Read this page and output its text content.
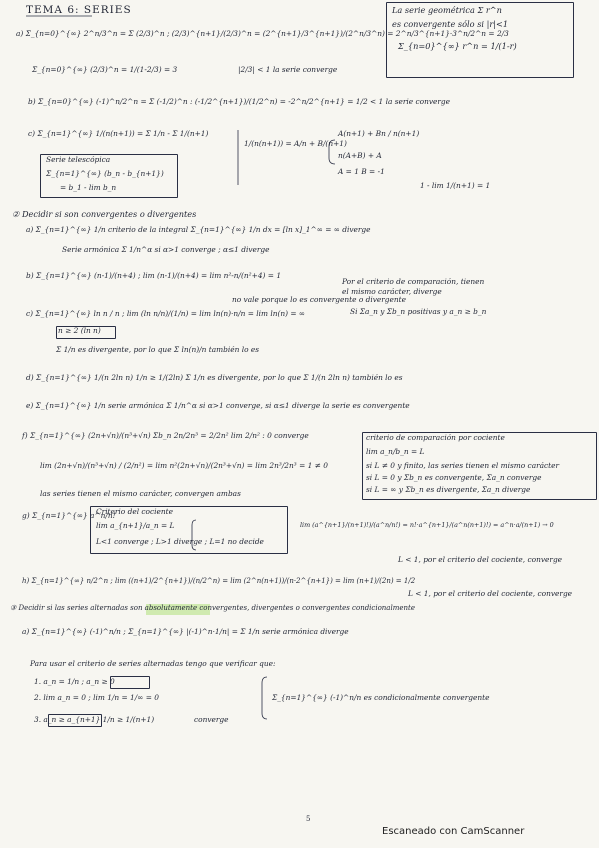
TEMA 6: SERIES	La serie geométrica Σ r^n
es convergente sólo si |r|<1
Σ_{n=0}^{∞} r^n = 1/(1-r)
a) Σ_{n=0}^{∞} 2^n/3^n = Σ (2/3)^n ; (2/3)^{n+1}/(2/3)^n = (2^{n+1}/3^{n+1})/(2^n/3^n) = 2^n/3^{n+1}·3^n/2^n = 2/3
Σ_{n=0}^{∞} (2/3)^n = 1/(1-2/3) = 3	|2/3| < 1 la serie converge
b) Σ_{n=0}^{∞} (-1)^n/2^n = Σ (-1/2)^n : (-1/2^{n+1})/(1/2^n) = -2^n/2^{n+1} = 1/2 < 1 la serie converge
c) Σ_{n=1}^{∞} 1/(n(n+1)) = Σ 1/n - Σ 1/(n+1)
1/(n(n+1)) = A/n + B/(n+1)
A(n+1) + Bn / n(n+1)
n(A+B) + A
A = 1 B = -1
1 - lim 1/(n+1) = 1
Serie telescópica
Σ_{n=1}^{∞} (b_n - b_{n+1})
= b_1 - lim b_n
② Decidir si son convergentes o divergentes
a) Σ_{n=1}^{∞} 1/n criterio de la integral Σ_{n=1}^{∞} 1/n dx = [ln x]_1^∞ = ∞ diverge
Serie armónica Σ 1/n^α si α>1 converge ; α≤1 diverge
b) Σ_{n=1}^{∞} (n-1)/(n+4) ; lim (n-1)/(n+4) = lim n²-n/(n²+4) = 1
Por el criterio de comparación, tienen
el mismo carácter, diverge
no vale porque lo es convergente o divergente
c) Σ_{n=1}^{∞} ln n / n ; lim (ln n/n)/(1/n) = lim ln(n)·n/n = lim ln(n) = ∞	Si Σa_n y Σb_n positivas y a_n ≥ b_n
n ≥ 2 (ln n)
Σ 1/n es divergente, por lo que Σ ln(n)/n también lo es
d) Σ_{n=1}^{∞} 1/(n 2ln n) 1/n ≥ 1/(2ln) Σ 1/n es divergente, por lo que Σ 1/(n 2ln n) también lo es
e) Σ_{n=1}^{∞} 1/n serie armónica Σ 1/n^α si α>1 converge, si α≤1 diverge la serie es convergente
f) Σ_{n=1}^{∞} (2n+√n)/(n³+√n) Σb_n 2n/2n³ = 2/2n² lim 2/n² : 0 converge
lim (2n+√n)/(n³+√n) / (2/n²) = lim n²(2n+√n)/(2n³+√n) = lim 2n³/2n³ = 1 ≠ 0
las series tienen el mismo carácter, convergen ambas
criterio de comparación por cociente
lim a_n/b_n = L
si L ≠ 0 y finito, las series tienen el mismo carácter
si L = 0 y Σb_n es convergente, Σa_n converge
si L = ∞ y Σb_n es divergente, Σa_n diverge
g) Σ_{n=1}^{∞} a^n/n!
Criterio del cociente
lim a_{n+1}/a_n = L
L<1 converge ; L>1 diverge ; L=1 no decide
lim (a^{n+1}/(n+1)!)/(a^n/n!) = n!·a^{n+1}/(a^n(n+1)!) = a^n·a/(n+1) → 0
L < 1, por el criterio del cociente, converge
h) Σ_{n=1}^{∞} n/2^n ; lim ((n+1)/2^{n+1})/(n/2^n) = lim (2^n(n+1))/(n·2^{n+1}) = lim (n+1)/(2n) = 1/2
L < 1, por el criterio del cociente, converge
③ Decidir si las series alternadas son absolutamente convergentes, divergentes o convergentes condicionalmente
a) Σ_{n=1}^{∞} (-1)^n/n ; Σ_{n=1}^{∞} |(-1)^n·1/n| = Σ 1/n serie armónica diverge
Para usar el criterio de series alternadas tengo que verificar que:
1. a_n = 1/n ; a_n ≥ 0
2. lim a_n = 0 ; lim 1/n = 1/∞ = 0
3. a_n ≥ a_{n+1} 1/n ≥ 1/(n+1)	converge
Σ_{n=1}^{∞} (-1)^n/n es condicionalmente convergente
5
Escaneado con CamScanner
